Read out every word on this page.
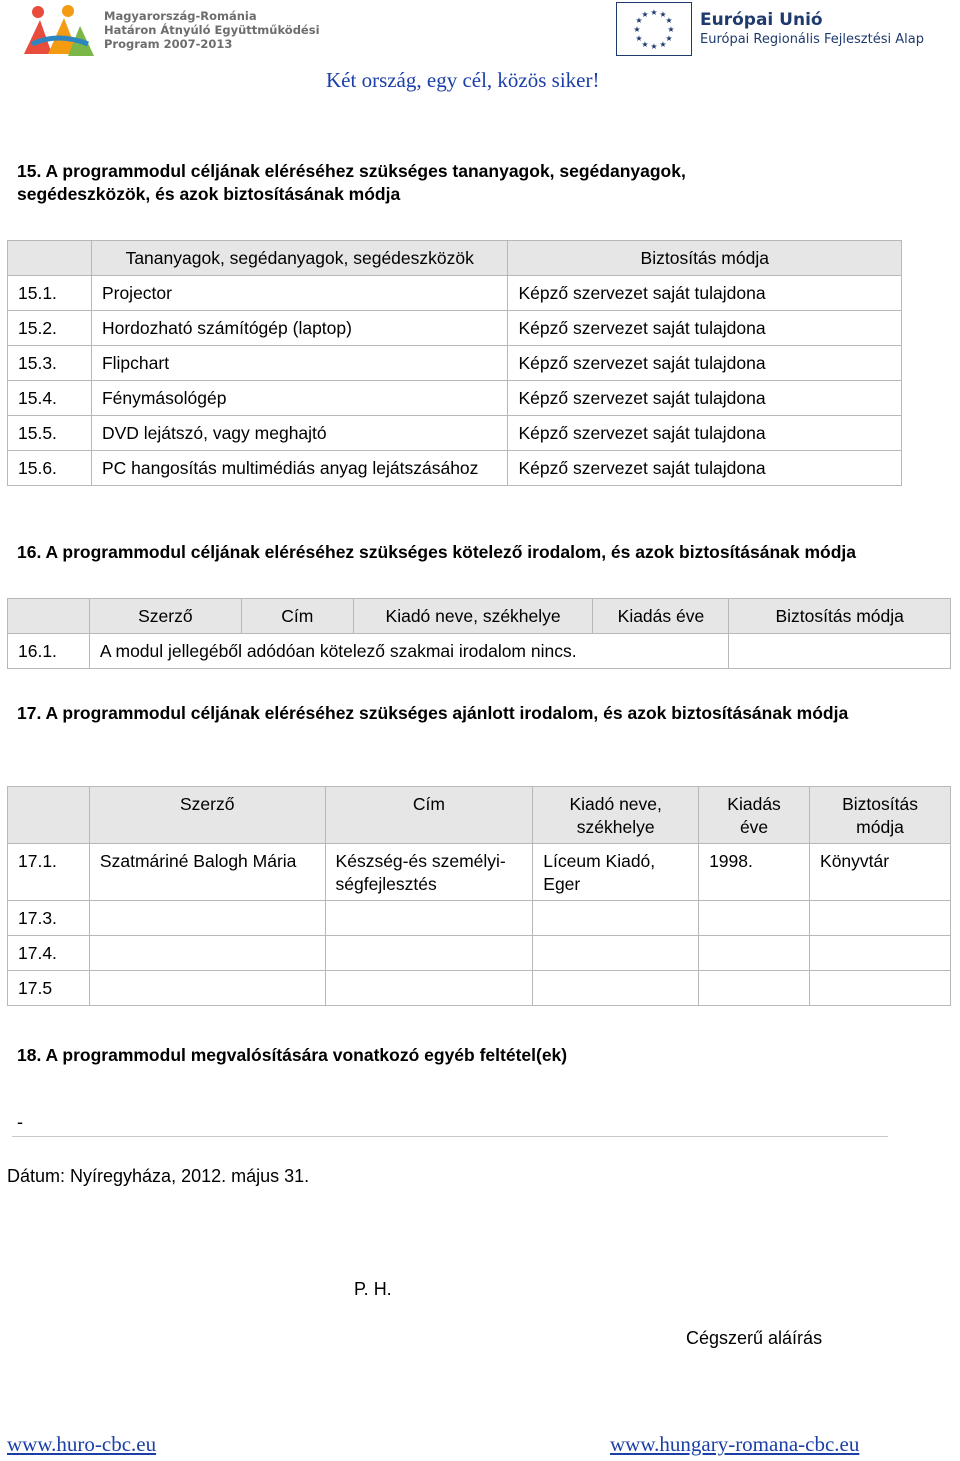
Magyarország-Románia
Határon Átnyúló Együttműködési
Program 2007-2013
★ ★
★
★
★
★
★
★
★
★
★
★	Európai Unió
Európai Regionális Fejlesztési Alap
Két ország, egy cél, közös siker!
15. A programmodul céljának eléréséhez szükséges tananyagok, segédanyagok,
segédeszközök, és azok biztosításának módja
	Tananyagok, segédanyagok, segédeszközök	Biztosítás módja
15.1.	Projector	Képző szervezet saját tulajdona
15.2.	Hordozható számítógép (laptop)	Képző szervezet saját tulajdona
15.3.	Flipchart	Képző szervezet saját tulajdona
15.4.	Fénymásológép	Képző szervezet saját tulajdona
15.5.	DVD lejátszó, vagy meghajtó	Képző szervezet saját tulajdona
15.6.	PC hangosítás multimédiás anyag lejátszásához	Képző szervezet saját tulajdona
16. A programmodul céljának eléréséhez szükséges kötelező irodalom, és azok biztosításának módja
	Szerző	Cím	Kiadó neve, székhelye	Kiadás éve	Biztosítás módja
16.1.	A modul jellegéből adódóan kötelező szakmai irodalom nincs.				
17. A programmodul céljának eléréséhez szükséges ajánlott irodalom, és azok biztosításának módja
	Szerző	Cím	Kiadó neve, székhelye	Kiadás éve	Biztosítás módja
17.1.	Szatmáriné Balogh Mária	Készség-és személyi-ségfejlesztés	Líceum Kiadó, Eger	1998.	Könyvtár
17.3.					
17.4.					
17.5					
18. A programmodul megvalósítására vonatkozó egyéb feltétel(ek)
-
Dátum: Nyíregyháza, 2012. május 31.
P. H.
Cégszerű aláírás
www.huro-cbc.eu	www.hungary-romana-cbc.eu
